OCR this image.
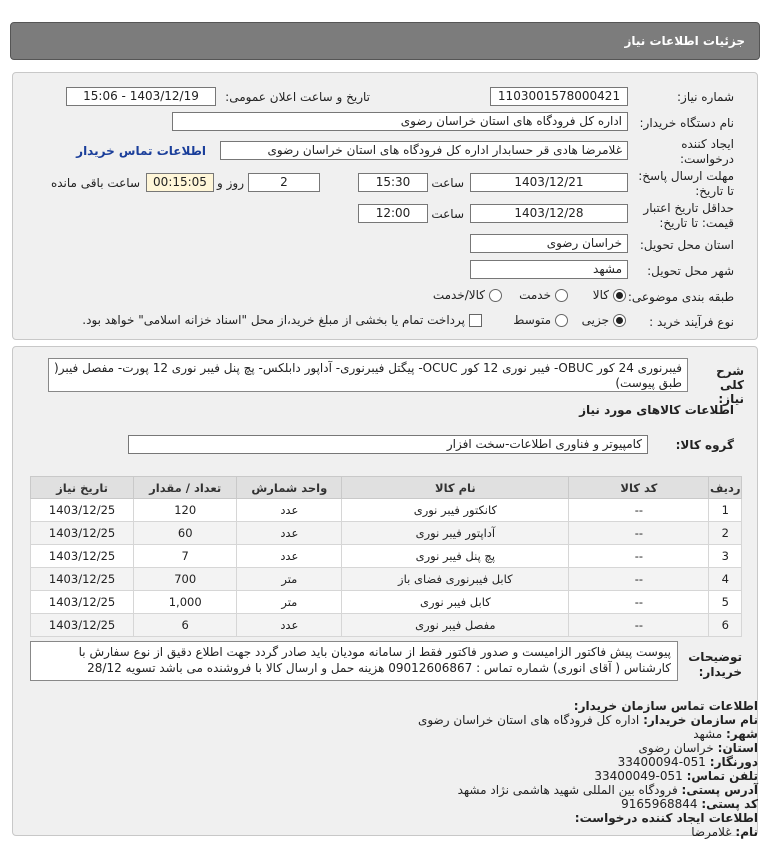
جزئیات اطلاعات نیاز
شماره نیاز:
1103001578000421
تاریخ و ساعت اعلان عمومی:
1403/12/19 - 15:06
نام دستگاه خریدار:
اداره کل فرودگاه های استان خراسان رضوی
ایجاد کننده
درخواست:
غلامرضا هادی قر حسابدار اداره کل فرودگاه های استان خراسان رضوی
اطلاعات تماس خریدار
مهلت ارسال پاسخ:
تا تاریخ:
1403/12/21
ساعت
15:30
2
روز و
00:15:05
ساعت باقی مانده
حداقل تاریخ اعتبار
قیمت: تا تاریخ:
1403/12/28
ساعت
12:00
استان محل تحویل:
خراسان رضوی
شهر محل تحویل:
مشهد
طبقه بندی موضوعی:
کالا
خدمت
کالا/خدمت
نوع فرآیند خرید :
جزیی
متوسط
پرداخت تمام یا بخشی از مبلغ خرید،از محل "اسناد خزانه اسلامی" خواهد بود.
شرح کلی نیاز:
فیبرنوری 24 کور OBUC- فیبر نوری 12 کور OCUC- پیگتل فیبرنوری- آداپور دابلکس- پچ پنل فیبر نوری 12 پورت- مفصل فیبر( طبق پیوست)
اطلاعات کالاهای مورد نیاز
گروه کالا:
کامپیوتر و فناوری اطلاعات-سخت افزار
ردیف	کد کالا	نام کالا	واحد شمارش	تعداد / مقدار	تاریخ نیاز
1	--	کانکتور فیبر نوری	عدد	120	1403/12/25
2	--	آداپتور فیبر نوری	عدد	60	1403/12/25
3	--	پچ پنل فیبر نوری	عدد	7	1403/12/25
4	--	کابل فیبرنوری فضای باز	متر	700	1403/12/25
5	--	کابل فیبر نوری	متر	1,000	1403/12/25
6	--	مفصل فیبر نوری	عدد	6	1403/12/25
توضیحات
خریدار:
پیوست پیش فاکتور الزامیست و صدور فاکتور فقط از سامانه مودیان باید صادر گردد جهت اطلاع دقیق از نوع سفارش با کارشناس ( آقای انوری) شماره تماس : 09012606867 هزینه حمل و ارسال کالا با فروشنده می باشد تسویه 28/12
اطلاعات تماس سازمان خریدار:
نام سازمان خریدار: اداره کل فرودگاه های استان خراسان رضوی
شهر: مشهد
استان: خراسان رضوی
دورنگار: 051-33400094
تلفن تماس: 051-33400049
آدرس پستی: فرودگاه بین المللی شهید هاشمی نژاد مشهد
کد پستی: 9165968844
اطلاعات ایجاد کننده درخواست:
نام: غلامرضا
